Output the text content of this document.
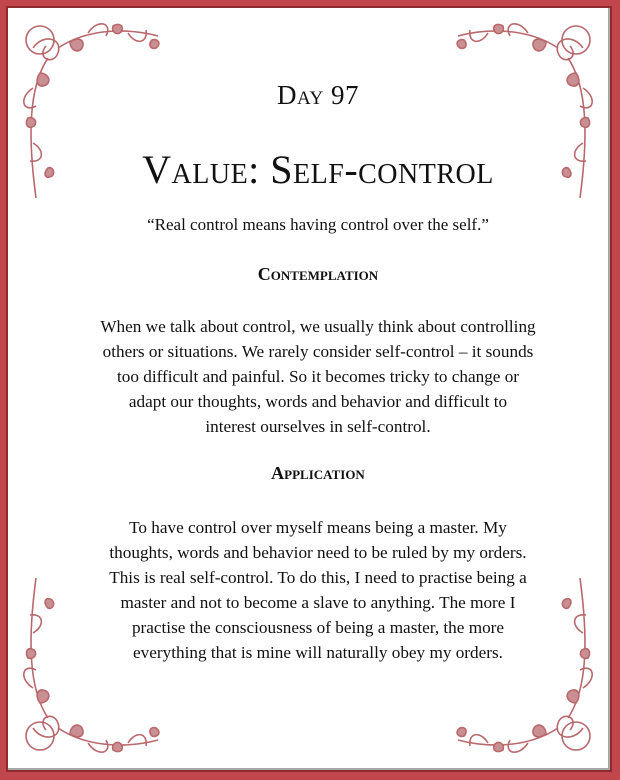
Day 97
Value: Self-control
“Real control means having control over the self.”
Contemplation
When we talk about control, we usually think about controlling
others or situations. We rarely consider self-control – it sounds
too difficult and painful. So it becomes tricky to change or
adapt our thoughts, words and behavior and difficult to
interest ourselves in self-control.
Application
To have control over myself means being a master. My
thoughts, words and behavior need to be ruled by my orders.
This is real self-control. To do this, I need to practise being a
master and not to become a slave to anything. The more I
practise the consciousness of being a master, the more
everything that is mine will naturally obey my orders.
